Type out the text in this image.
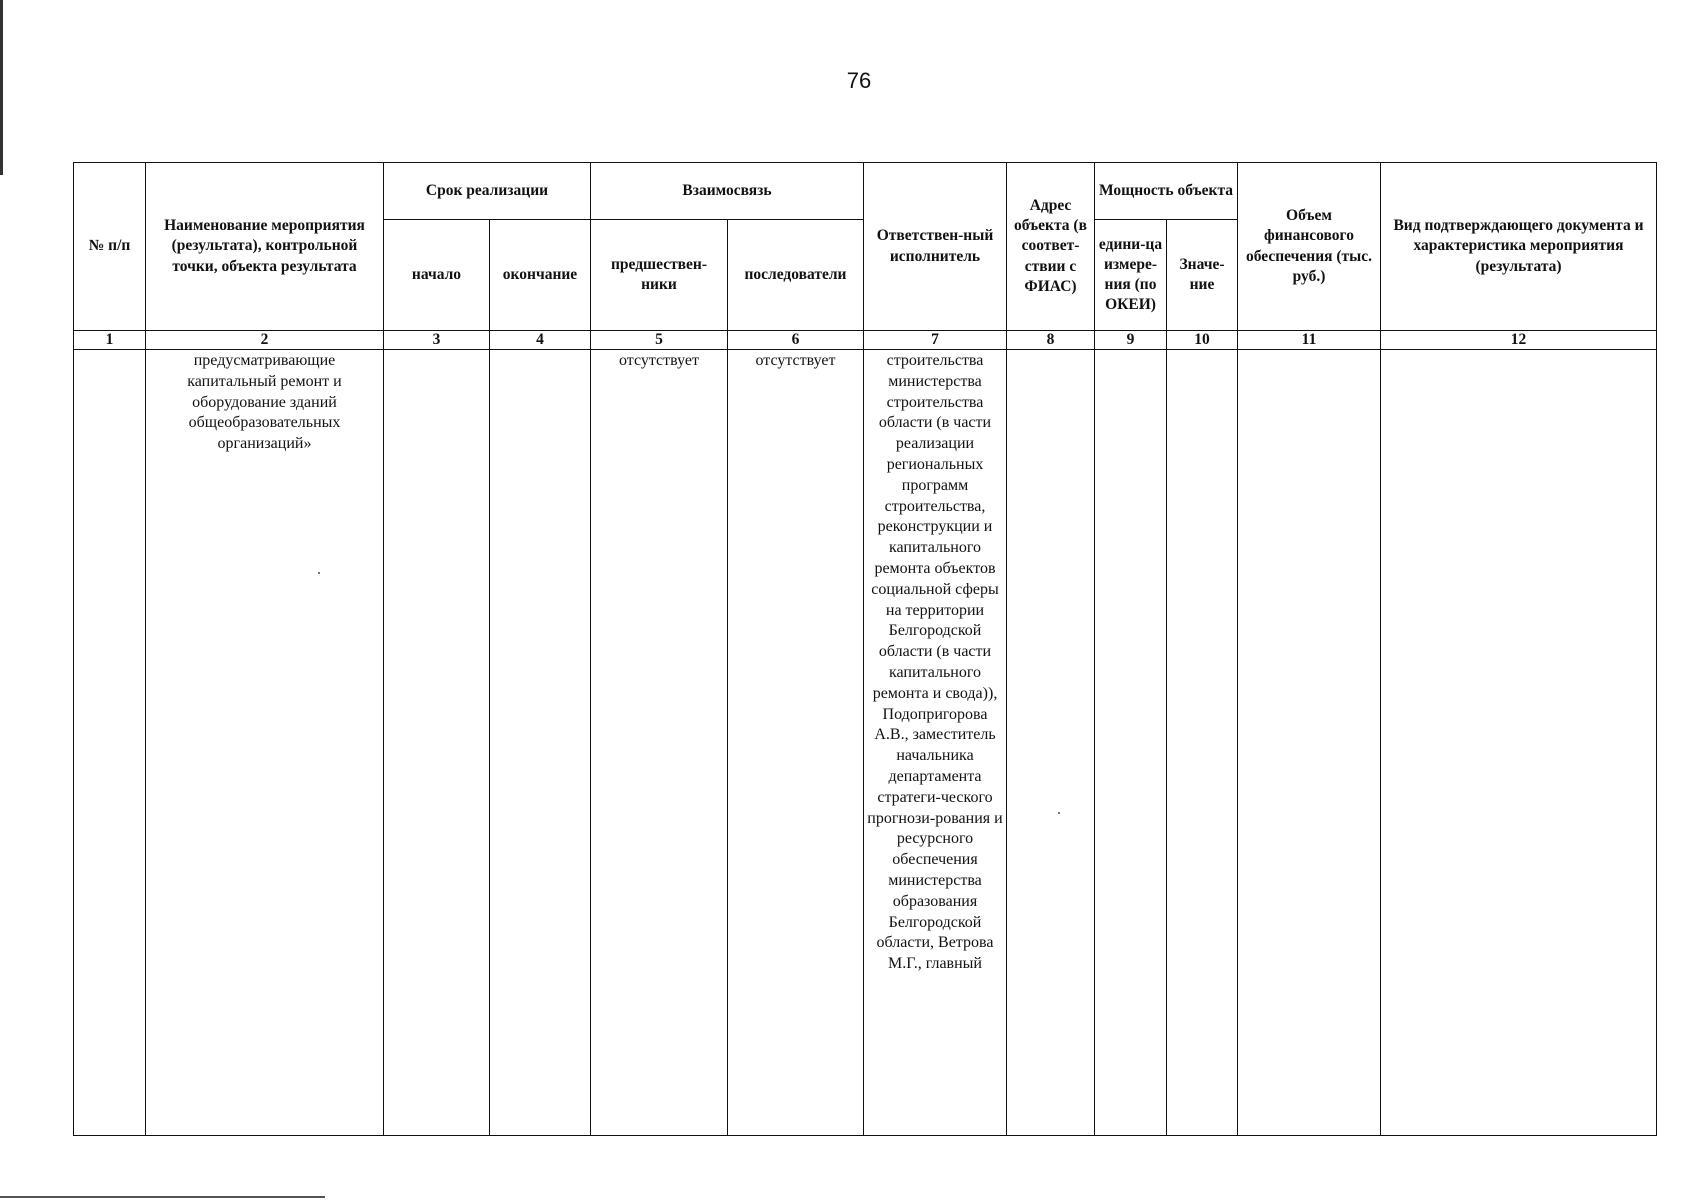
76
№ п/п	Наименование мероприятия (результата), контрольной точки, объекта результата	Срок реализации		Взаимосвязь		Ответствен-ный исполнитель	Адрес объекта (в соответ-ствии с ФИАС)	Мощность объекта		Объем финансового обеспечения (тыс. руб.)	Вид подтверждающего документа и характеристика мероприятия (результата)
		начало	окончание	предшествен-ники	последователи			едини-ца измере-ния (по ОКЕИ)	Значе-ние		
1	2	3	4	5	6	7	8	9	10	11	12
	предусматривающие капитальный ремонт и оборудование зданий общеобразовательных организаций»			отсутствует	отсутствует	строительства министерства строительства области (в части реализации региональных программ строительства, реконструкции и капитального ремонта объектов социальной сферы на территории Белгородской области (в части капитального ремонта и свода)), Подопригорова А.В., заместитель начальника департамента стратеги-ческого прогнози-рования и ресурсного обеспечения министерства образования Белгородской области, Ветрова М.Г., главный					
